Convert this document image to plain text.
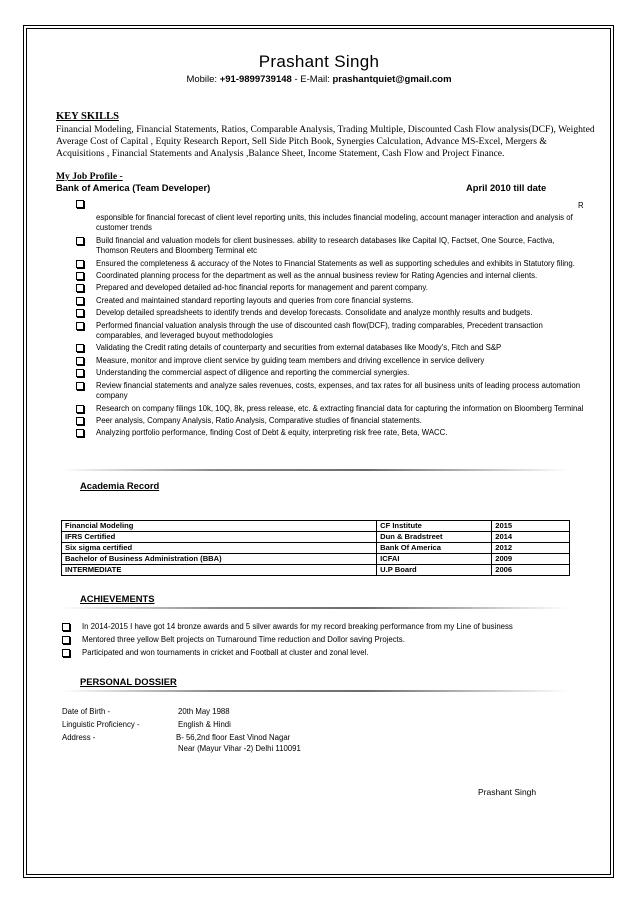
Prashant Singh
Mobile: +91-9899739148 - E-Mail: prashantquiet@gmail.com
KEY SKILLS
Financial Modeling, Financial Statements, Ratios, Comparable Analysis, Trading Multiple, Discounted Cash Flow analysis(DCF), Weighted Average Cost of Capital , Equity Research Report, Sell Side Pitch Book, Synergies Calculation, Advance MS-Excel, Mergers & Acquisitions , Financial Statements and Analysis ,Balance Sheet, Income Statement, Cash Flow and Project Finance.
My Job Profile -
Bank of America (Team Developer)	April 2010 till date
R
esponsible for financial forecast of client level reporting units, this includes financial modeling, account manager interaction and analysis of customer trends
Build financial and valuation models for client businesses. ability to research databases like Capital IQ, Factset, One Source, Factiva, Thomson Reuters and Bloomberg Terminal etc
Ensured the completeness & accuracy of the Notes to Financial Statements as well as supporting schedules and exhibits in Statutory filing.
Coordinated planning process for the department as well as the annual business review for Rating Agencies and internal clients.
Prepared and developed detailed ad-hoc financial reports for management and parent company.
Created and maintained standard reporting layouts and queries from core financial systems.
Develop detailed spreadsheets to identify trends and develop forecasts. Consolidate and analyze monthly results and budgets.
Performed financial valuation analysis through the use of discounted cash flow(DCF), trading comparables, Precedent transaction comparables, and leveraged buyout methodologies
Validating the Credit rating details of counterparty and securities from external databases like Moody's, Fitch and S&P
Measure, monitor and improve client service by guiding team members and driving excellence in service delivery
Understanding the commercial aspect of diligence and reporting the commercial synergies.
Review financial statements and analyze sales revenues, costs, expenses, and tax rates for all business units of leading process automation company
Research on company filings 10k, 10Q, 8k, press release, etc. & extracting financial data for capturing the information on Bloomberg Terminal
Peer analysis, Company Analysis, Ratio Analysis, Comparative studies of financial statements.
Analyzing portfolio performance, finding Cost of Debt & equity, interpreting risk free rate, Beta, WACC.
Academia Record
Financial Modeling	CF Institute	2015
IFRS Certified	Dun & Bradstreet	2014
Six sigma certified	Bank Of America	2012
Bachelor of Business Administration (BBA)	ICFAI	2009
INTERMEDIATE	U.P Board	2006
ACHIEVEMENTS
In 2014-2015 I have got 14 bronze awards and 5 silver awards for my record breaking performance from my Line of business
Mentored three yellow Belt projects on Turnaround Time reduction and Dollor saving Projects.
Participated and won tournaments in cricket and Football at cluster and zonal level.
PERSONAL DOSSIER
Date of Birth -	20th May 1988
Linguistic Proficiency -	English & Hindi
Address -	B- 56,2nd floor East Vinod Nagar
Near (Mayur Vihar -2) Delhi 110091
Prashant Singh
